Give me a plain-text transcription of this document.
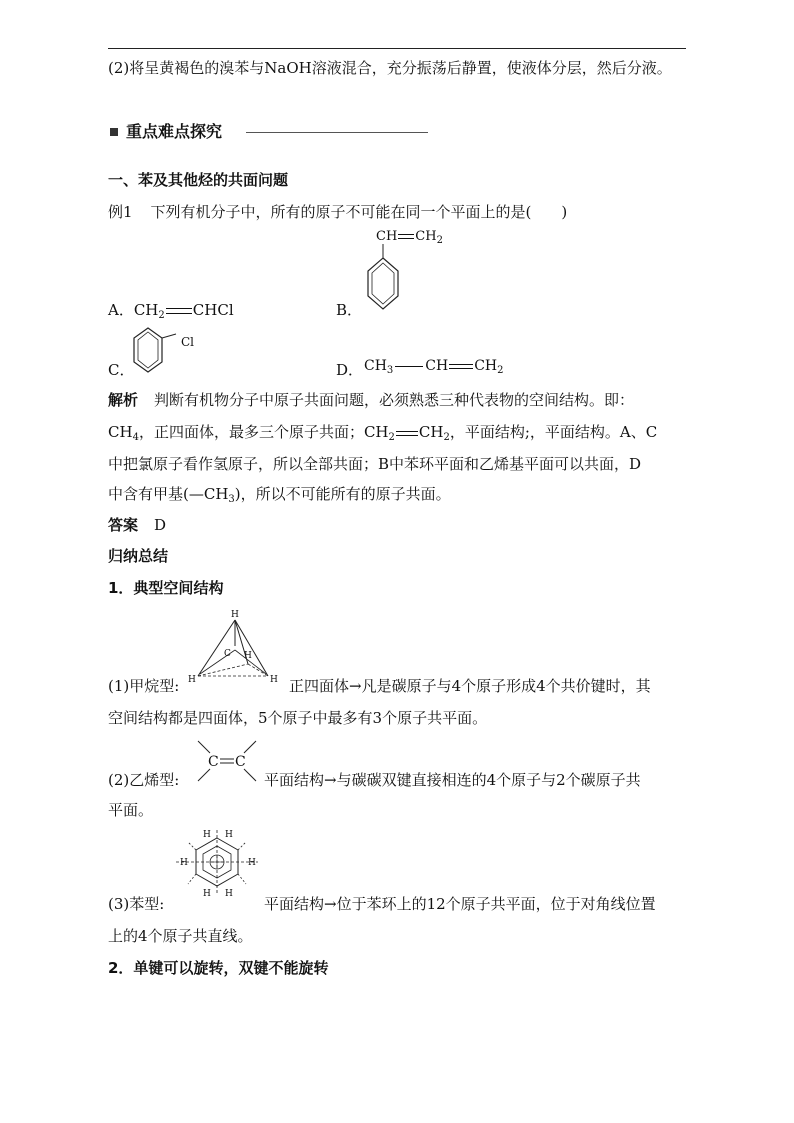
(2)将呈黄褐色的溴苯与NaOH溶液混合，充分振荡后静置，使液体分层，然后分液。
重点难点探究
一、苯及其他烃的共面问题
例1 下列有机分子中，所有的原子不可能在同一个平面上的是(　　)
A．$CH_2$ CHCl	B．
CH $CH_2$
C．
Cl
D． $CH_3$ CH $CH_2$
解析 判断有机物分子中原子共面问题，必须熟悉三种代表物的空间结构。即：
$CH_4$，正四面体，最多三个原子共面；$CH_2$ $CH_2$，平面结构;，平面结构。A、C
中把氯原子看作氢原子，所以全部共面；B中苯环平面和乙烯基平面可以共面，D
中含有甲基$(—CH_3)$，所以不可能所有的原子共面。
答案 D
归纳总结
1．典型空间结构
H
C H
H	H
(1)甲烷型:	正四面体→凡是碳原子与4个原子形成4个共价键时，其
空间结构都是四面体，5个原子中最多有3个原子共平面。
C C
(2)乙烯型:	平面结构→与碳碳双键直接相连的4个原子与2个碳原子共
平面。
H H
H	H
H H
(3)苯型:	平面结构→位于苯环上的12个原子共平面，位于对角线位置
上的4个原子共直线。
2．单键可以旋转，双键不能旋转
